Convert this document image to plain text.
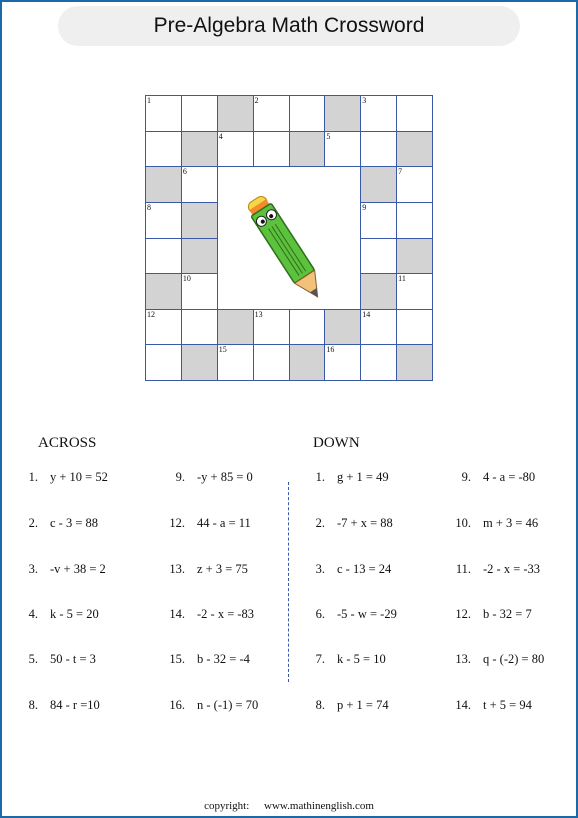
Pre-Algebra Math Crossword
1	2	3
4	5
6	7
8	9
10	11
12	13	14
15	16
ACROSS	DOWN
1. y + 10 = 52
2. c - 3 = 88
3. -v + 38 = 2
4. k - 5 = 20
5. 50 - t = 3
8. 84 - r =10
9. -y + 85 = 0
12. 44 - a = 11
13. z + 3 = 75
14. -2 - x = -83
15. b - 32 = -4
16. n - (-1) = 70
1. g + 1 = 49
2. -7 + x = 88
3. c - 13 = 24
6. -5 - w = -29
7. k - 5 = 10
8. p + 1 = 74
9. 4 - a = -80
10. m + 3 = 46
11. -2 - x = -33
12. b - 32 = 7
13. q - (-2) = 80
14. t + 5 = 94
copyright: www.mathinenglish.com
